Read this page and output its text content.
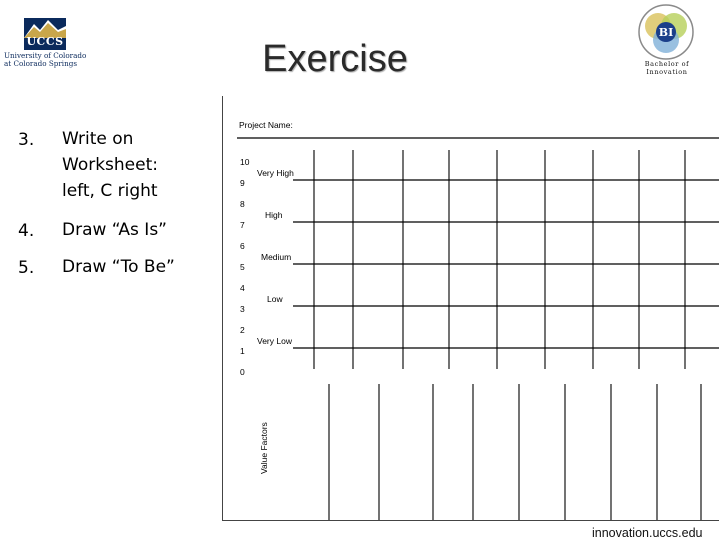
UCCS
University of Colorado
at Colorado Springs
BI
Bachelor of
Innovation
Exercise
3. Write on
Worksheet:
left, C right
4. Draw “As Is”
5. Draw “To Be”
Project Name:
10
9
8
7
6
5
4
3
2
1
0
Very High
High
Medium
Low
Very Low
Value Factors
innovation.uccs.edu
